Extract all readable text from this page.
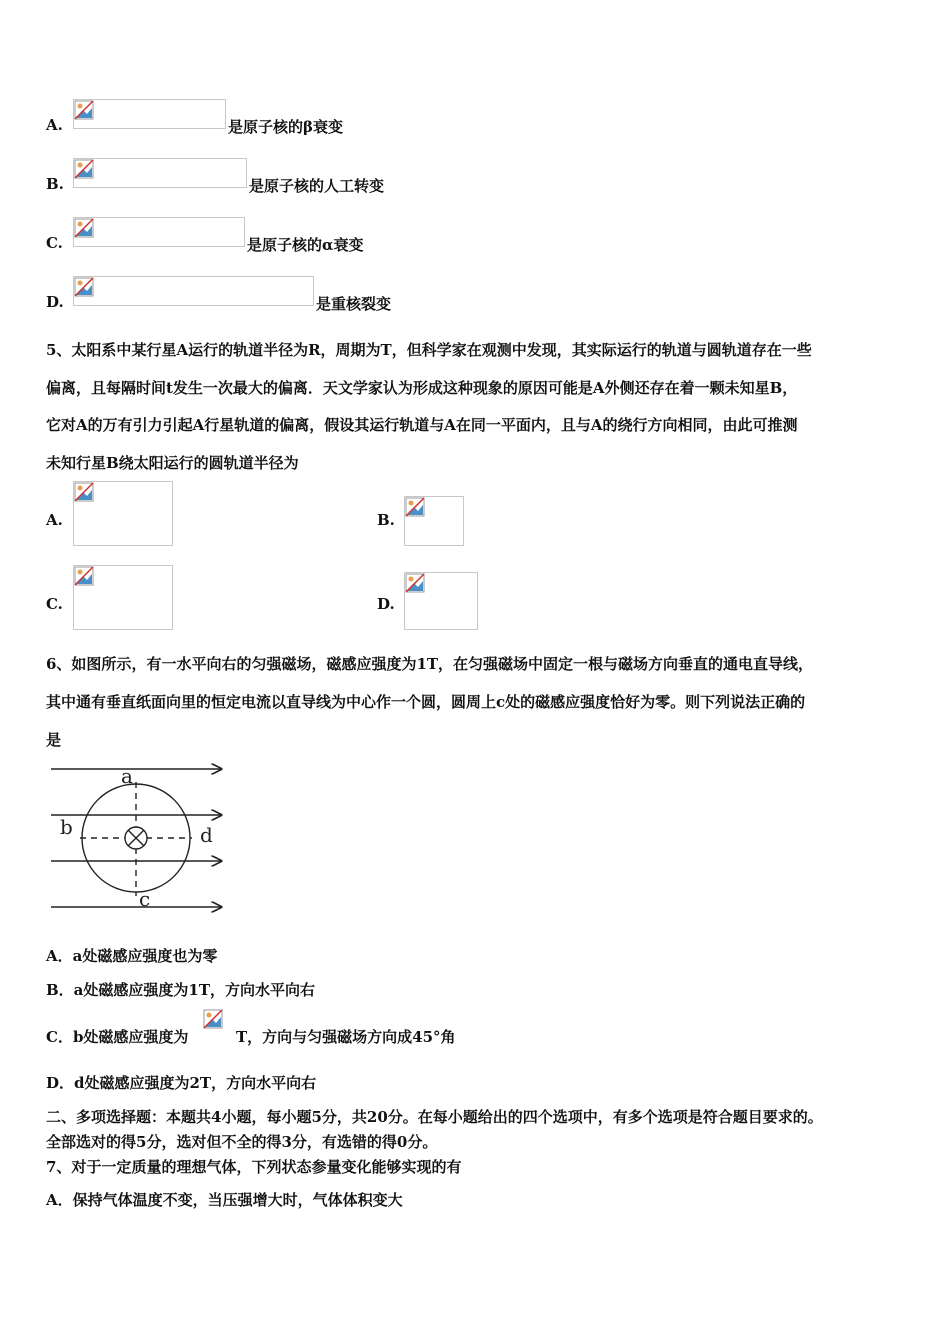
A.	是原子核的β衰变
B.	是原子核的人工转变
C.	是原子核的α衰变
D.	是重核裂变
5、太阳系中某行星A运行的轨道半径为R，周期为T，但科学家在观测中发现，其实际运行的轨道与圆轨道存在一些
偏离，且每隔时间t发生一次最大的偏离．天文学家认为形成这种现象的原因可能是A外侧还存在着一颗未知星B，
它对A的万有引力引起A行星轨道的偏离，假设其运行轨道与A在同一平面内，且与A的绕行方向相同，由此可推测
未知行星B绕太阳运行的圆轨道半径为
A.	B.
C.	D.
6、如图所示，有一水平向右的匀强磁场，磁感应强度为1T，在匀强磁场中固定一根与磁场方向垂直的通电直导线，
其中通有垂直纸面向里的恒定电流以直导线为中心作一个圆，圆周上c处的磁感应强度恰好为零。则下列说法正确的
是
a
b	d
c
A．a处磁感应强度也为零
B．a处磁感应强度为1T，方向水平向右
C．b处磁感应强度为	T，方向与匀强磁场方向成45°角
D．d处磁感应强度为2T，方向水平向右
二、多项选择题：本题共4小题，每小题5分，共20分。在每小题给出的四个选项中，有多个选项是符合题目要求的。
全部选对的得5分，选对但不全的得3分，有选错的得0分。
7、对于一定质量的理想气体，下列状态参量变化能够实现的有
A．保持气体温度不变，当压强增大时，气体体积变大
